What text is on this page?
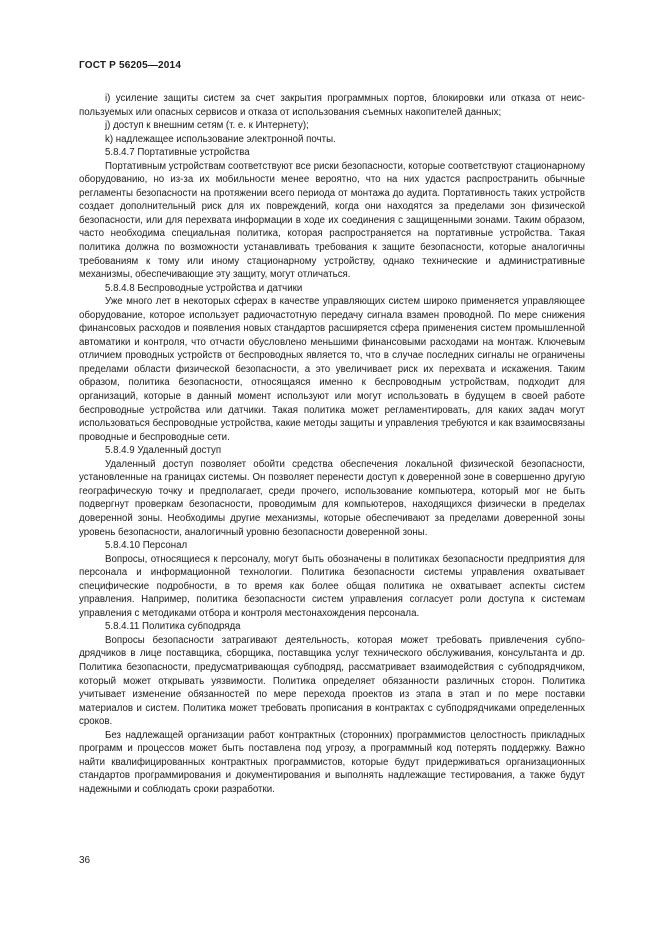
ГОСТ Р 56205—2014

i) усиление защиты систем за счет закрытия программных портов, блокировки или отказа от неиспользуемых или опасных сервисов и отказа от использования съемных накопителей данных;

j) доступ к внешним сетям (т. е. к Интернету);

k) надлежащее использование электронной почты.

5.8.4.7 Портативные устройства

Портативным устройствам соответствуют все риски безопасности, которые соответствуют стационарному оборудованию, но из-за их мобильности менее вероятно, что на них удастся распространить обычные регламенты безопасности на протяжении всего периода от монтажа до аудита. Портативность таких устройств создает дополнительный риск для их повреждений, когда они находятся за пределами зон физической безопасности, или для перехвата информации в ходе их соединения с защищенными зонами. Таким образом, часто необходима специальная политика, которая распространяется на портативные устройства. Такая политика должна по возможности устанавливать требования к защите безопасности, которые аналогичны требованиям к тому или иному стационарному устройству, однако технические и административные механизмы, обеспечивающие эту защиту, могут отличаться.

5.8.4.8 Беспроводные устройства и датчики

Уже много лет в некоторых сферах в качестве управляющих систем широко применяется управляющее оборудование, которое использует радиочастотную передачу сигнала взамен проводной. По мере снижения финансовых расходов и появления новых стандартов расширяется сфера применения систем промышленной автоматики и контроля, что отчасти обусловлено меньшими финансовыми расходами на монтаж. Ключевым отличием проводных устройств от беспроводных является то, что в случае последних сигналы не ограничены пределами области физической безопасности, а это увеличивает риск их перехвата и искажения. Таким образом, политика безопасности, относящаяся именно к беспроводным устройствам, подходит для организаций, которые в данный момент используют или могут использовать в будущем в своей работе беспроводные устройства или датчики. Такая политика может регламентировать, для каких задач могут использоваться беспроводные устройства, какие методы защиты и управления требуются и как взаимосвязаны проводные и беспроводные сети.

5.8.4.9 Удаленный доступ

Удаленный доступ позволяет обойти средства обеспечения локальной физической безопасности, установленные на границах системы. Он позволяет перенести доступ к доверенной зоне в совершенно другую географическую точку и предполагает, среди прочего, использование компьютера, который мог не быть подвергнут проверкам безопасности, проводимым для компьютеров, находящихся физически в пределах доверенной зоны. Необходимы другие механизмы, которые обеспечивают за пределами доверенной зоны уровень безопасности, аналогичный уровню безопасности доверенной зоны.

5.8.4.10 Персонал

Вопросы, относящиеся к персоналу, могут быть обозначены в политиках безопасности предприятия для персонала и информационной технологии. Политика безопасности системы управления охватывает специфические подробности, в то время как более общая политика не охватывает аспекты систем управления. Например, политика безопасности систем управления согласует роли доступа к системам управления с методиками отбора и контроля местонахождения персонала.

5.8.4.11 Политика субподряда

Вопросы безопасности затрагивают деятельность, которая может требовать привлечения субподрядчиков в лице поставщика, сборщика, поставщика услуг технического обслуживания, консультанта и др. Политика безопасности, предусматривающая субподряд, рассматривает взаимодействия с субподрядчиком, который может открывать уязвимости. Политика определяет обязанности различных сторон. Политика учитывает изменение обязанностей по мере перехода проектов из этапа в этап и по мере поставки материалов и систем. Политика может требовать прописания в контрактах с субподрядчиками определенных сроков.

Без надлежащей организации работ контрактных (сторонних) программистов целостность прикладных программ и процессов может быть поставлена под угрозу, а программный код потерять поддержку. Важно найти квалифицированных контрактных программистов, которые будут придерживаться организационных стандартов программирования и документирования и выполнять надлежащие тестирования, а также будут надежными и соблюдать сроки разработки.

36
